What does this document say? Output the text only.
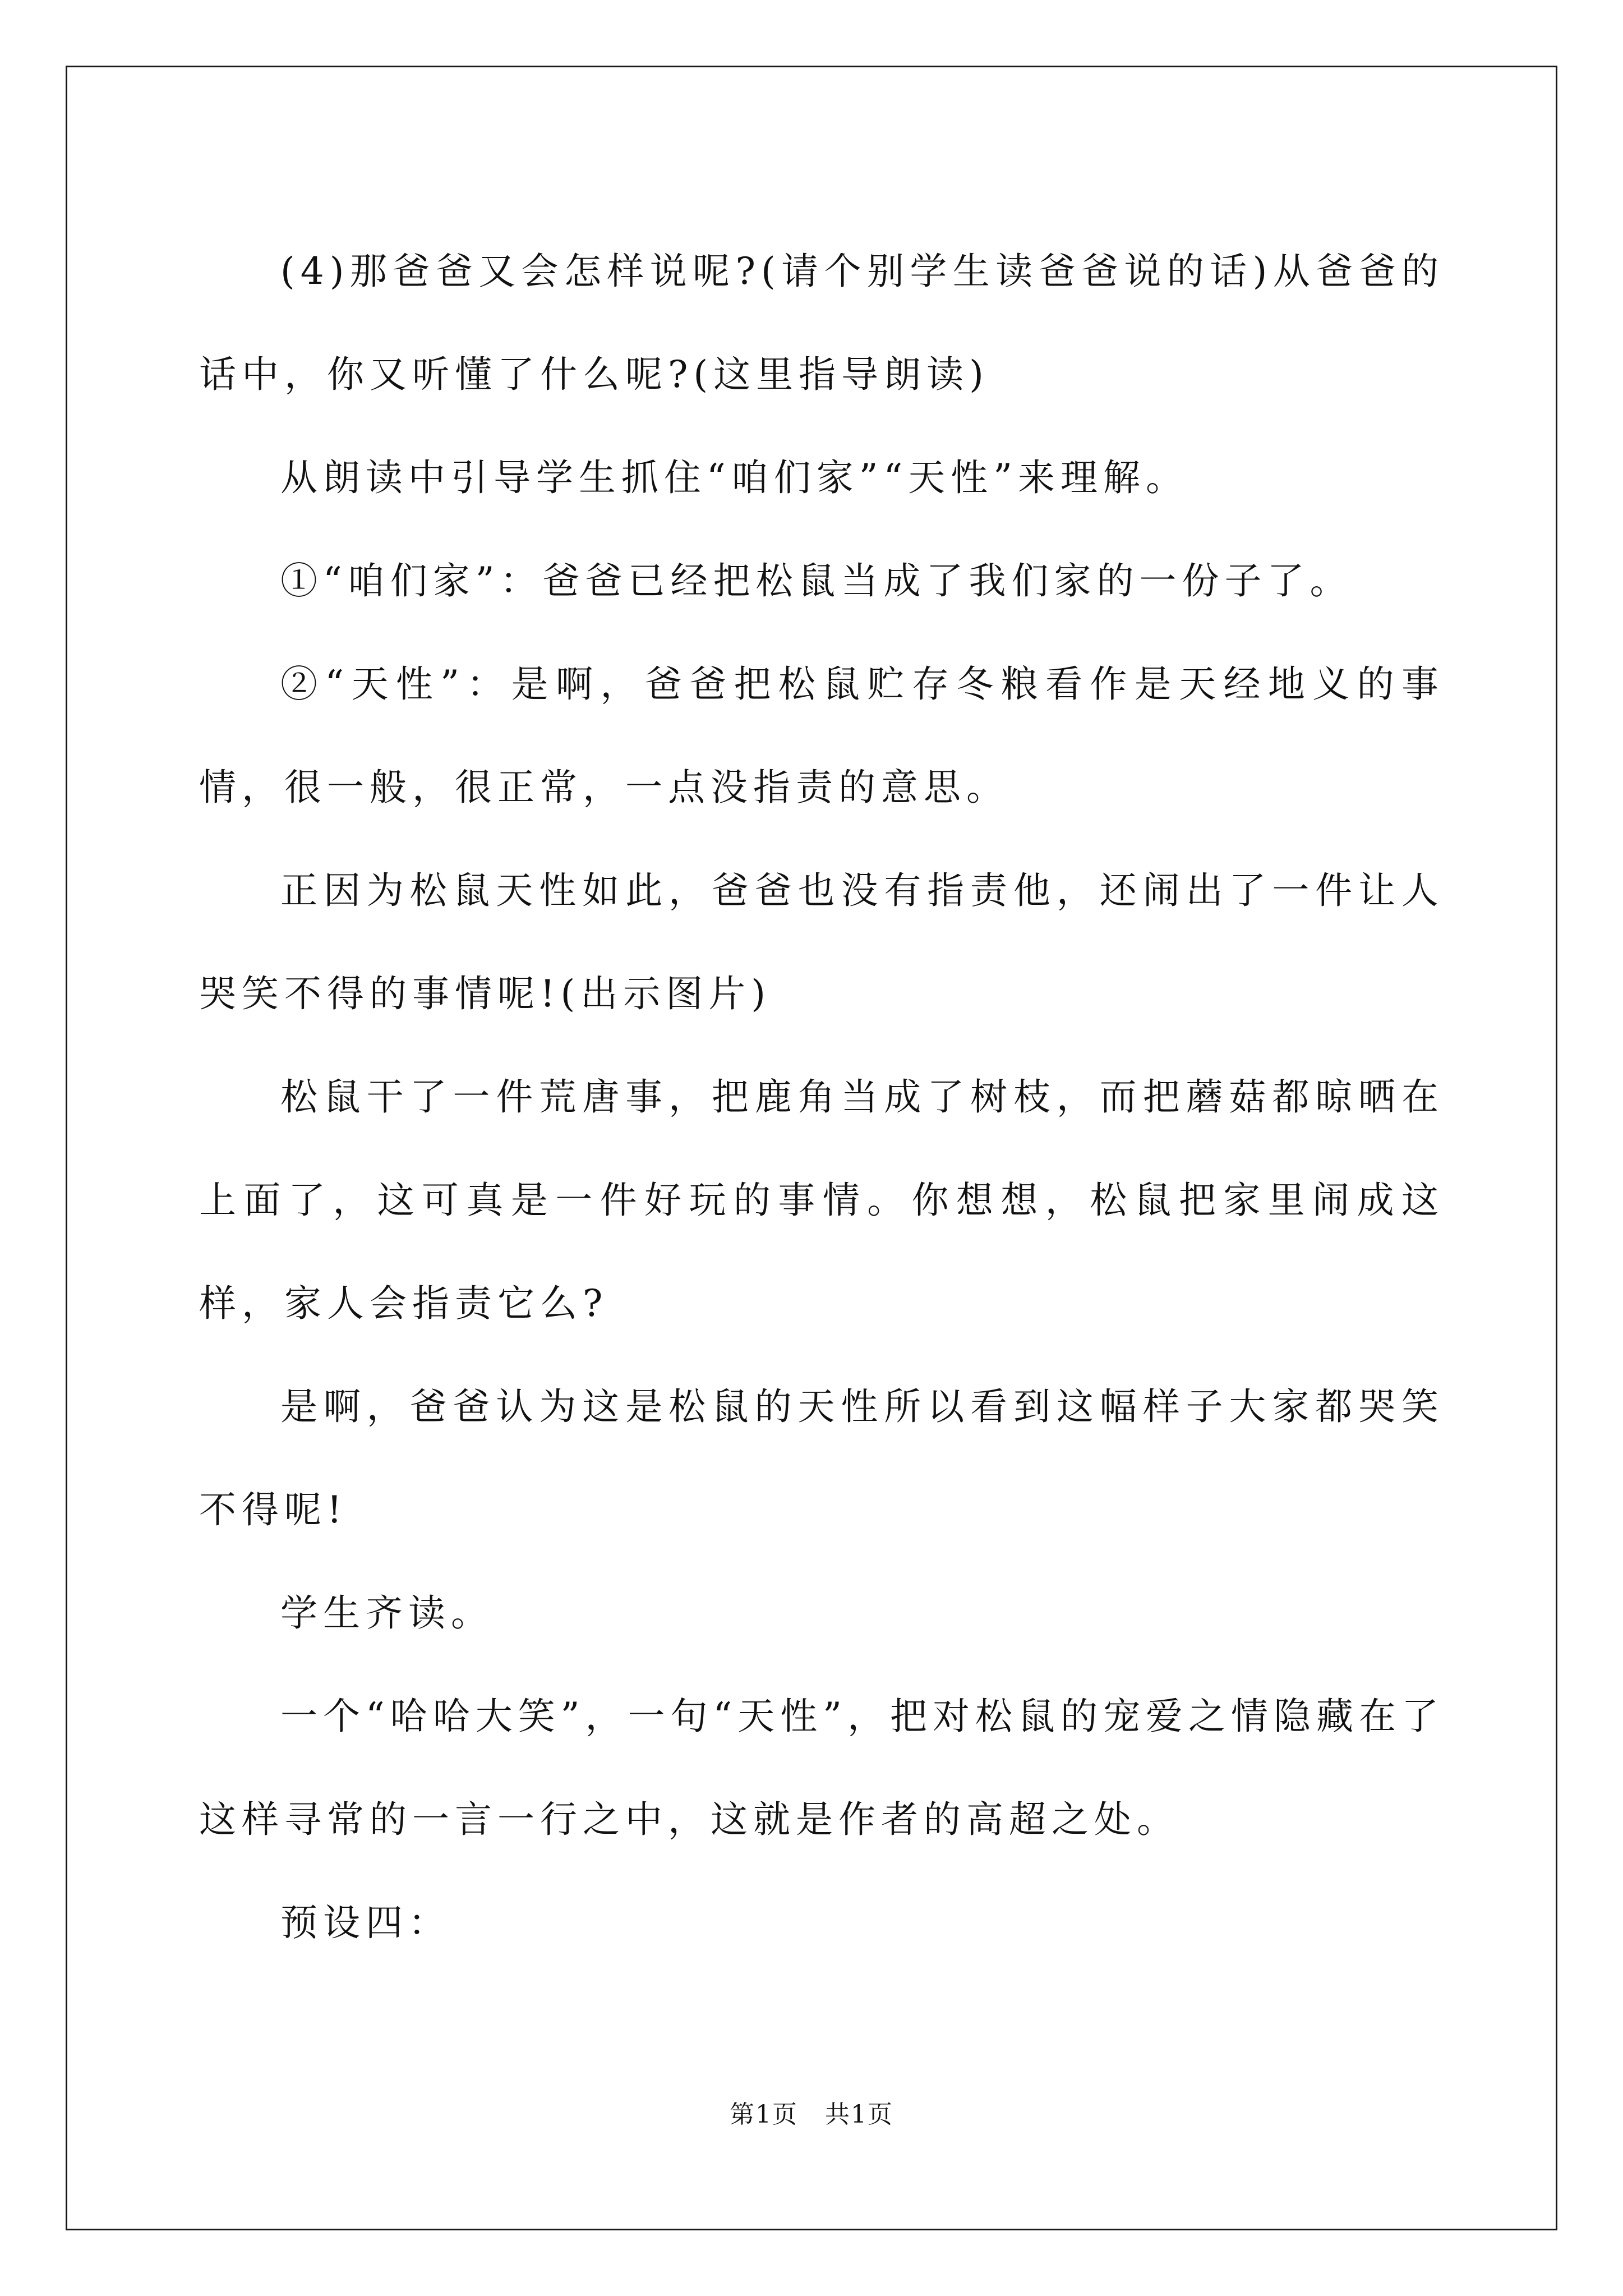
(4)那爸爸又会怎样说呢?(请个别学生读爸爸说的话)从爸爸的话中，你又听懂了什么呢?(这里指导朗读)

从朗读中引导学生抓住“咱们家”“天性”来理解。

①“咱们家”：爸爸已经把松鼠当成了我们家的一份子了。

②“天性”：是啊，爸爸把松鼠贮存冬粮看作是天经地义的事情，很一般，很正常，一点没指责的意思。

正因为松鼠天性如此，爸爸也没有指责他，还闹出了一件让人哭笑不得的事情呢!(出示图片)

松鼠干了一件荒唐事，把鹿角当成了树枝，而把蘑菇都晾晒在上面了，这可真是一件好玩的事情。你想想，松鼠把家里闹成这样，家人会指责它么?

是啊，爸爸认为这是松鼠的天性所以看到这幅样子大家都哭笑不得呢!

学生齐读。

一个“哈哈大笑”，一句“天性”，把对松鼠的宠爱之情隐藏在了这样寻常的一言一行之中，这就是作者的高超之处。

预设四：

第1页 共1页
